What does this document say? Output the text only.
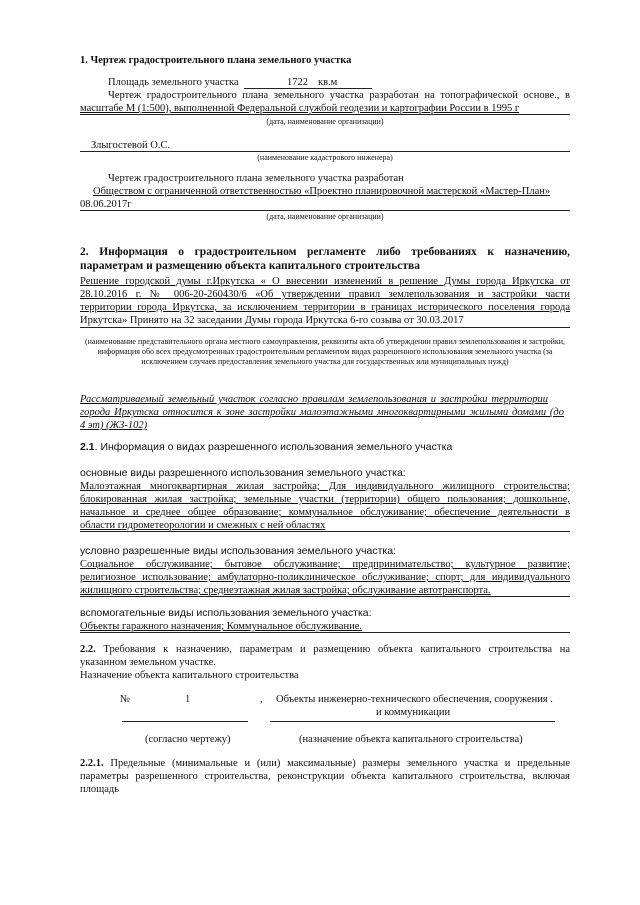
1. Чертеж градостроительного плана земельного участка
Площадь земельного участка	1722 кв.м
Чертеж градостроительного плана земельного участка разработан на топографической основе., в
масштабе М (1:500), выполненной Федеральной службой геодезии и картографии России в 1995 г
(дата, наименование организации)
Злыгостевой О.С.
(наименование кадастрового инженера)
Чертеж градостроительного плана земельного участка разработан
Обществом с ограниченной ответственностью «Проектно планировочной мастерской «Мастер-План»
08.06.2017г
(дата, наименование организации)
2. Информация о градостроительном регламенте либо требованиях к назначению,
параметрам и размещению объекта капитального строительства
Решение городской думы г.Иркутска « О внесении изменений в решение Думы города Иркутска от
28.10.2016 г. № 006-20-260430/6 «Об утверждении правил землепользования и застройки части
территории города Иркутска, за исключением территории в границах исторического поселения города
Иркутска» Принято на 32 заседании Думы города Иркутска 6-го созыва от 30.03.2017
(наименование представительного органа местного самоуправления, реквизиты акта об утверждении правил землепользования и застройки, информация обо всех предусмотренных градостроительным регламентом видах разрешенного использования земельного участка (за исключением случаев предоставления земельного участка для государственных или муниципальных нужд)
Рассматриваемый земельный участок согласно правилам землепользования и застройки территории
города Иркутска относится к зоне застройки малоэтажными многоквартирными жилыми домами (до
4 эт) (ЖЗ-102)
2.1. Информация о видах разрешенного использования земельного участка
основные виды разрешенного использования земельного участка:
Малоэтажная многоквартирная жилая застройка; Для индивидуального жилищного строительства;
блокированная жилая застройка; земельные участки (территории) общего пользования; дошкольное,
начальное и среднее общее образование; коммунальное обслуживание; обеспечение деятельности в
области гидрометеорологии и смежных с ней областях
условно разрешенные виды использования земельного участка:
Социальное обслуживание; бытовое обслуживание; предпринимательство; культурное развитие;
религиозное использование; амбулаторно-поликлиническое обслуживание; спорт; для индивидуального
жилищного строительства; среднеэтажная жилая застройка; обслуживание автотранспорта.
вспомогательные виды использования земельного участка:
Объекты гаражного назначения; Коммунальное обслуживание.
2.2. Требования к назначению, параметрам и размещению объекта капитального строительства на
указанном земельном участке.
Назначение объекта капитального строительства
№	1	, Объекты инженерно-технического обеспечения, сооружения .
и коммуникации
(согласно чертежу)	(назначение объекта капитального строительства)
2.2.1. Предельные (минимальные и (или) максимальные) размеры земельного участка и предельные
параметры разрешенного строительства, реконструкции объекта капитального строительства, включая
площадь
